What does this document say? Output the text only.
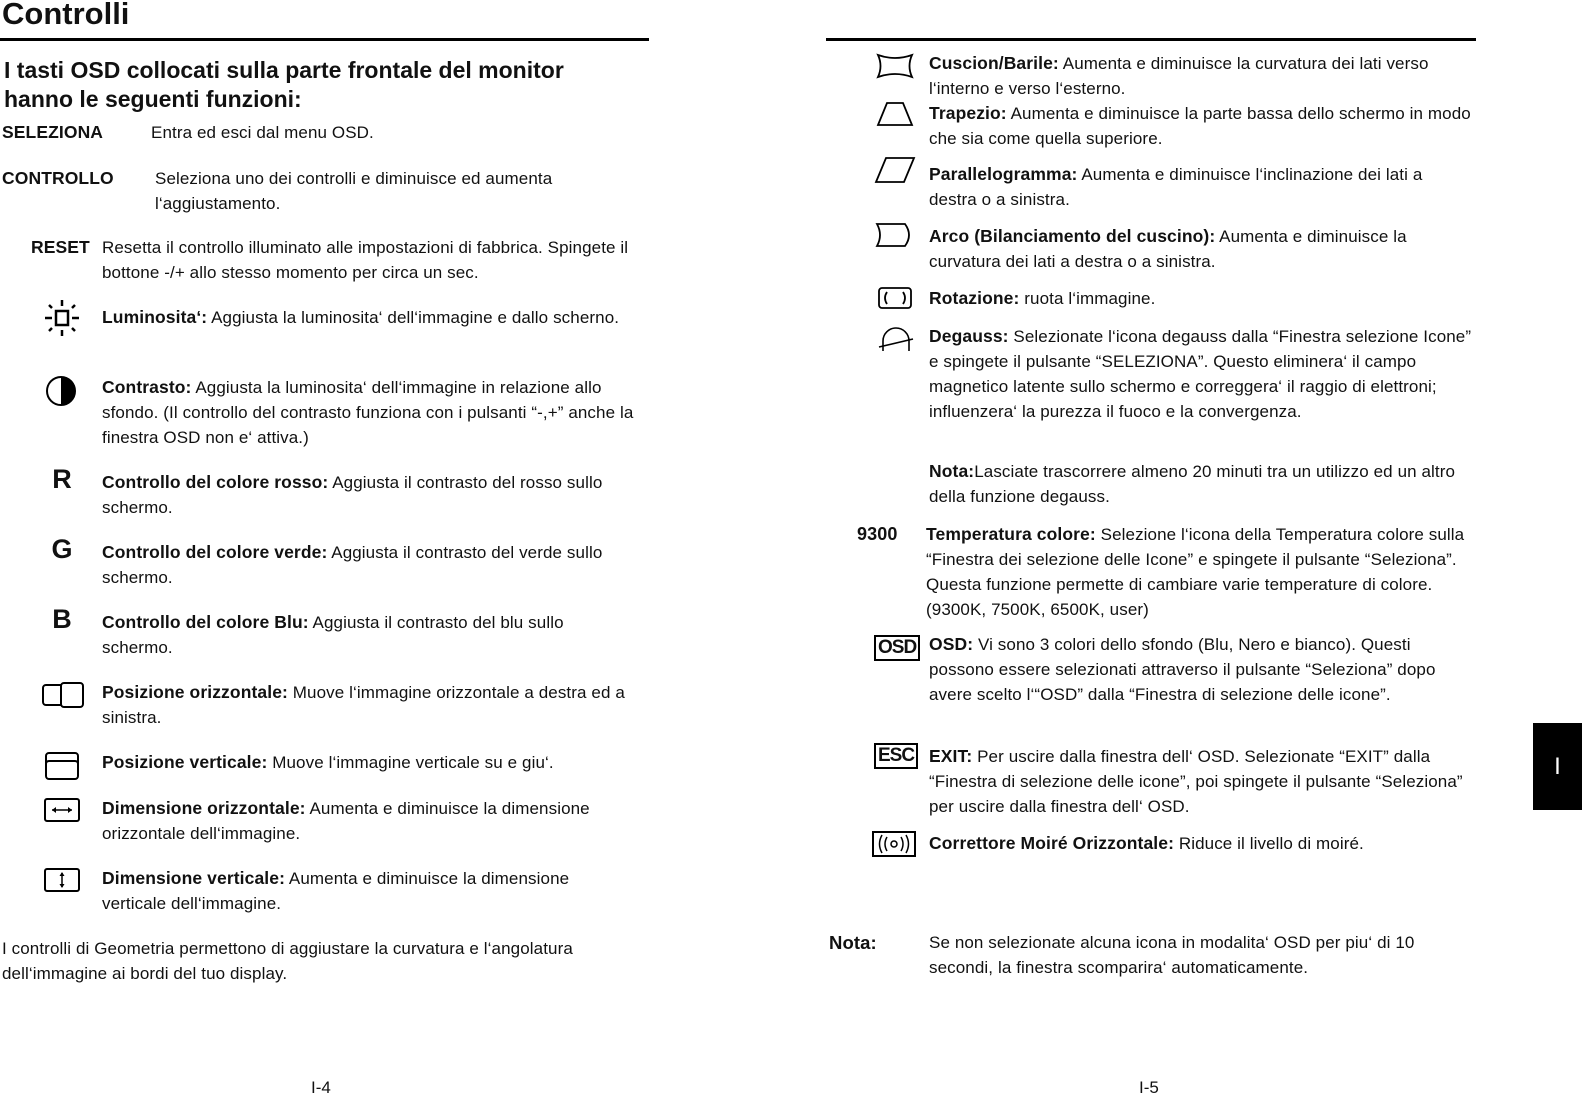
Controlli
I tasti OSD collocati sulla parte frontale del monitor hanno le seguenti funzioni:
SELEZIONA	Entra ed esci dal menu OSD.
CONTROLLO Seleziona uno dei controlli e diminuisce ed aumenta l‘aggiustamento.
RESET Resetta il controllo illuminato alle impostazioni di fabbrica. Spingete il bottone -/+ allo stesso momento per circa un sec.
Luminosita‘: Aggiusta la luminosita‘ dell‘immagine e dallo scherno.
Contrasto: Aggiusta la luminosita‘ dell‘immagine in relazione allo sfondo. (Il controllo del contrasto funziona con i pulsanti “-,+” anche la finestra OSD non e‘ attiva.)
R	Controllo del colore rosso: Aggiusta il contrasto del rosso sullo schermo.
G	Controllo del colore verde: Aggiusta il contrasto del verde sullo schermo.
B	Controllo del colore Blu: Aggiusta il contrasto del blu sullo schermo.
Posizione orizzontale: Muove l‘immagine orizzontale a destra ed a sinistra.
Posizione verticale: Muove l‘immagine verticale su e giu‘.
Dimensione orizzontale: Aumenta e diminuisce la dimensione orizzontale dell‘immagine.
Dimensione verticale: Aumenta e diminuisce la dimensione verticale dell‘immagine.
I controlli di Geometria permettono di aggiustare la curvatura e l‘angolatura dell‘immagine ai bordi del tuo display.
I-4
Cuscion/Barile: Aumenta e diminuisce la curvatura dei lati verso l‘interno e verso l‘esterno.
Trapezio: Aumenta e diminuisce la parte bassa dello schermo in modo che sia come quella superiore.
Parallelogramma: Aumenta e diminuisce l‘inclinazione dei lati a destra o a sinistra.
Arco (Bilanciamento del cuscino): Aumenta e diminuisce la curvatura dei lati a destra o a sinistra.
Rotazione: ruota l‘immagine.
Degauss: Selezionate l‘icona degauss dalla “Finestra selezione Icone” e spingete il pulsante “SELEZIONA”. Questo eliminera‘ il campo magnetico latente sullo schermo e correggera‘ il raggio di elettroni; influenzera‘ la purezza il fuoco e la convergenza.
Nota:Lasciate trascorrere almeno 20 minuti tra un utilizzo ed un altro della funzione degauss.
9300 Temperatura colore: Selezione l‘icona della Temperatura colore sulla “Finestra dei selezione delle Icone” e spingete il pulsante “Seleziona”. Questa funzione permette di cambiare varie temperature di colore.(9300K, 7500K, 6500K, user)
OSD OSD: Vi sono 3 colori dello sfondo (Blu, Nero e bianco). Questi possono essere selezionati attraverso il pulsante “Seleziona” dopo avere scelto l‘“OSD” dalla “Finestra di selezione delle icone”.
ESC EXIT: Per uscire dalla finestra dell‘ OSD. Selezionate “EXIT” dalla “Finestra di selezione delle icone”, poi spingete il pulsante “Seleziona” per uscire dalla finestra dell‘ OSD.
Correttore Moiré Orizzontale: Riduce il livello di moiré.
Nota:	Se non selezionate alcuna icona in modalita‘ OSD per piu‘ di 10 secondi, la finestra scomparira‘ automaticamente.
I-5
I
